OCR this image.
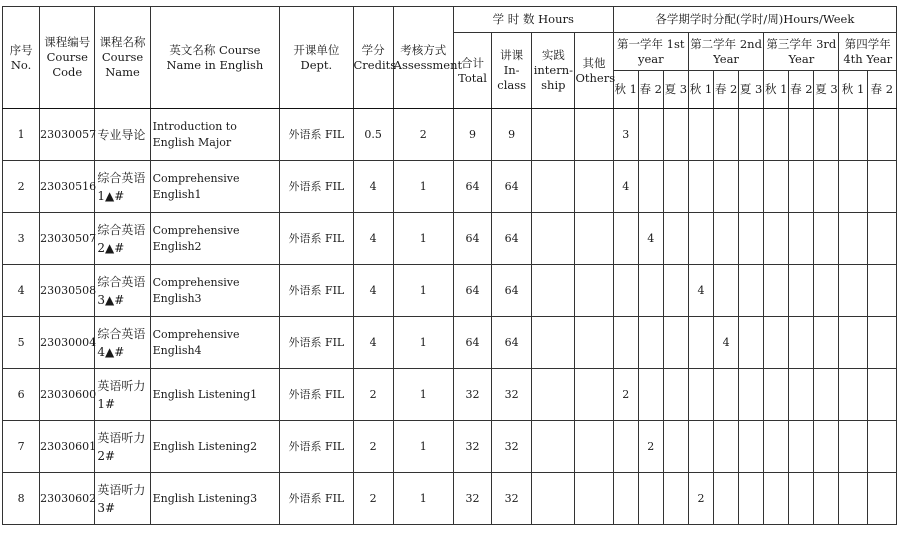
序号 No.	课程编号 Course Code	课程名称 Course Name	英文名称 Course Name in English	开课单位 Dept.	学分 Credits	考核方式 Assessment	学 时 数 Hours				各学期学时分配(学时/周)Hours/Week										
							合计 Total	讲课 In-class	实践 intern-ship	其他 Others	第一学年 1st year			第二学年 2nd Year			第三学年 3rd Year			第四学年 4th Year	
											秋 1	春 2	夏 3	秋 1	春 2	夏 3	秋 1	春 2	夏 3	秋 1	春 2
1	23030057	专业导论	Introduction to English Major	外语系 FIL	0.5	2	9	9			3										
2	23030516	综合英语1▲#	Comprehensive English1	外语系 FIL	4	1	64	64			4										
3	23030507	综合英语2▲#	Comprehensive English2	外语系 FIL	4	1	64	64				4									
4	23030508	综合英语3▲#	Comprehensive English3	外语系 FIL	4	1	64	64						4							
5	23030004	综合英语4▲#	Comprehensive English4	外语系 FIL	4	1	64	64							4						
6	23030600	英语听力1#	English Listening1	外语系 FIL	2	1	32	32			2										
7	23030601	英语听力2#	English Listening2	外语系 FIL	2	1	32	32				2									
8	23030602	英语听力3#	English Listening3	外语系 FIL	2	1	32	32						2							
